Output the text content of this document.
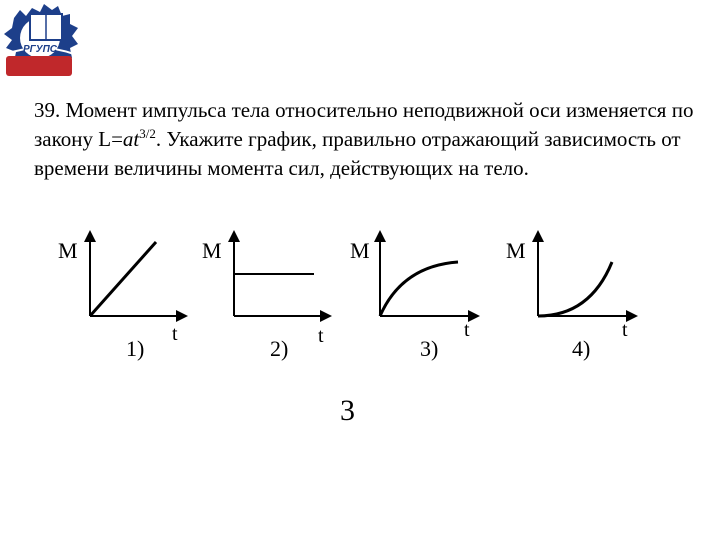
РГУПС

39. Момент импульса тела относительно неподвижной оси изменяется по закону $L=at^{3/2}$. Укажите график, правильно отражающий зависимость от времени величины момента сил, действующих на тело.

M
t
1)
M
t
2)
M
t
3)
M
t
4)
3
